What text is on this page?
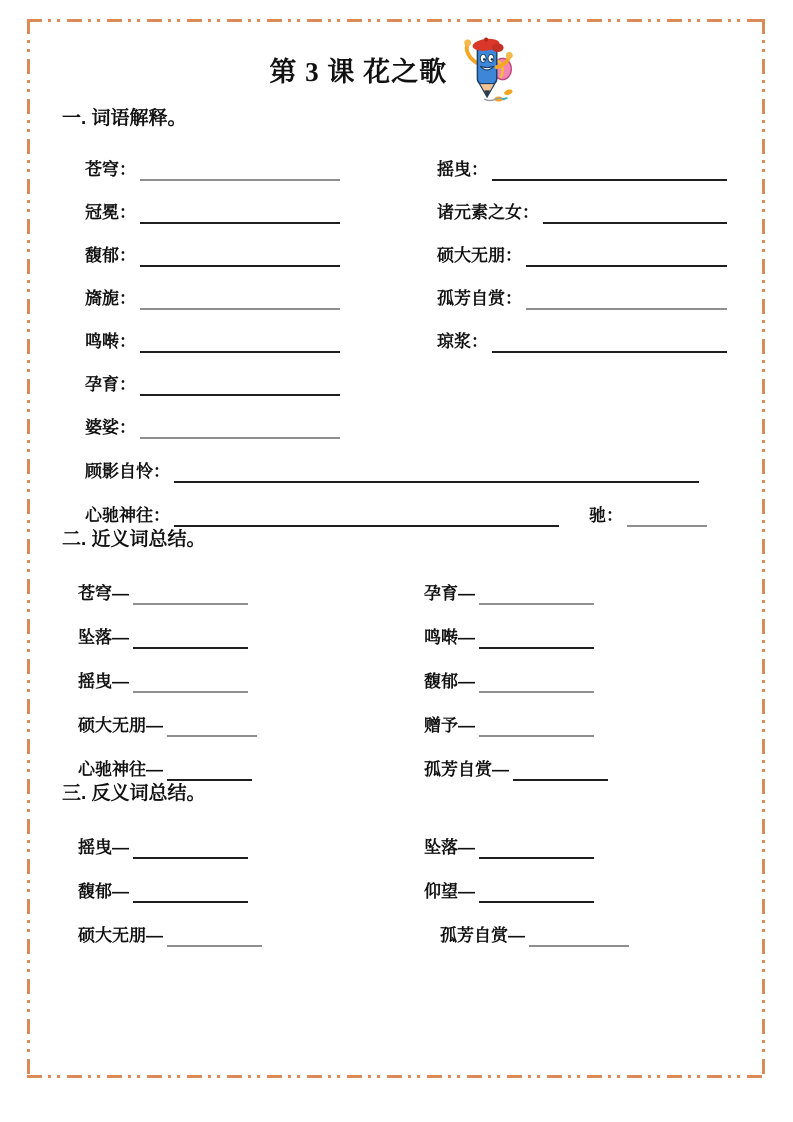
第 3 课 花之歌
一. 词语解释。
苍穹：	摇曳：
冠冕：	诸元素之女：
馥郁：	硕大无朋：
旖旎：	孤芳自赏：
鸣啭：	琼浆：
孕育：
婆娑：
顾影自怜：
心驰神往：	驰：
二. 近义词总结。
苍穹—	孕育—
坠落—	鸣啭—
摇曳—	馥郁—
硕大无朋—	赠予—
心驰神往—	孤芳自赏—
三. 反义词总结。
摇曳—	坠落—
馥郁—	仰望—
硕大无朋—	孤芳自赏—
